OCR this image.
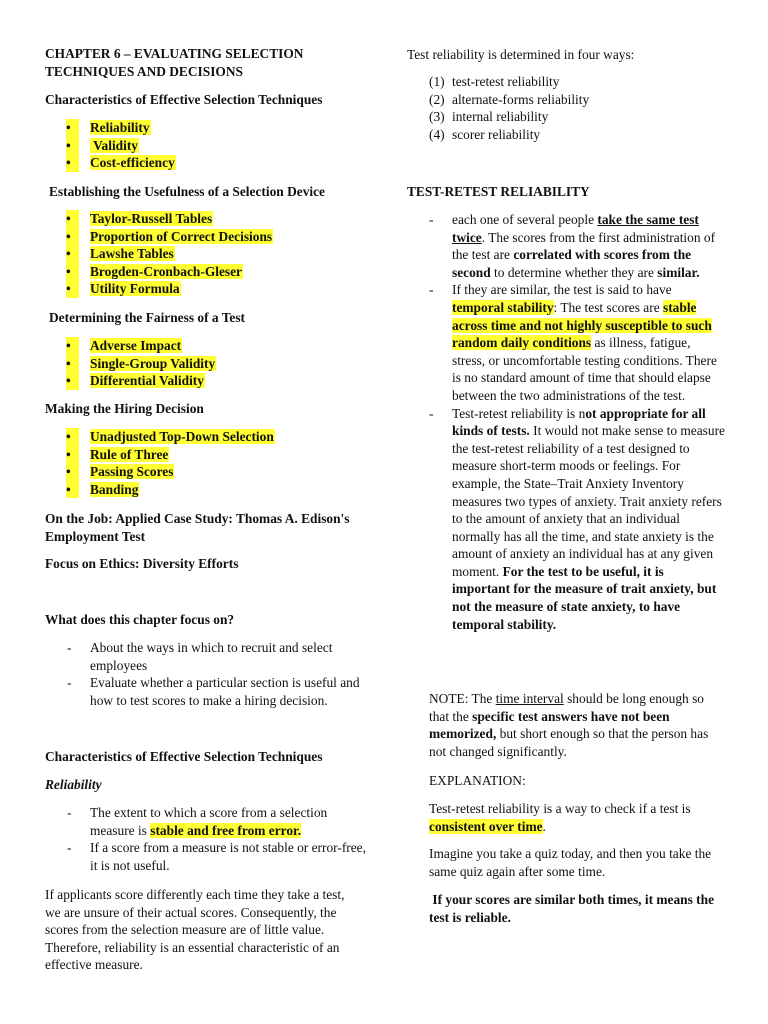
CHAPTER 6 – EVALUATING SELECTION
TECHNIQUES AND DECISIONS

Characteristics of Effective Selection Techniques

•	Reliability
•	Validity
•	Cost-efficiency

Establishing the Usefulness of a Selection Device

•	Taylor-Russell Tables
•	Proportion of Correct Decisions
•	Lawshe Tables
•	Brogden-Cronbach-Gleser
•	Utility Formula

Determining the Fairness of a Test

•	Adverse Impact
•	Single-Group Validity
•	Differential Validity

Making the Hiring Decision

•	Unadjusted Top-Down Selection
•	Rule of Three
•	Passing Scores
•	Banding

On the Job: Applied Case Study: Thomas A. Edison's Employment Test

Focus on Ethics: Diversity Efforts

What does this chapter focus on?

- About the ways in which to recruit and select employees
- Evaluate whether a particular section is useful and how to test scores to make a hiring decision.

Characteristics of Effective Selection Techniques

Reliability

- The extent to which a score from a selection measure is stable and free from error.
- If a score from a measure is not stable or error-free, it is not useful.

If applicants score differently each time they take a test, we are unsure of their actual scores. Consequently, the scores from the selection measure are of little value. Therefore, reliability is an essential characteristic of an effective measure.

Test reliability is determined in four ways:

(1) test-retest reliability
(2) alternate-forms reliability
(3) internal reliability
(4) scorer reliability

TEST-RETEST RELIABILITY

- each one of several people take the same test twice. The scores from the first administration of the test are correlated with scores from the second to determine whether they are similar.
- If they are similar, the test is said to have temporal stability: The test scores are stable across time and not highly susceptible to such random daily conditions as illness, fatigue, stress, or uncomfortable testing conditions. There is no standard amount of time that should elapse between the two administrations of the test.
- Test-retest reliability is not appropriate for all kinds of tests. It would not make sense to measure the test-retest reliability of a test designed to measure short-term moods or feelings. For example, the State–Trait Anxiety Inventory measures two types of anxiety. Trait anxiety refers to the amount of anxiety that an individual normally has all the time, and state anxiety is the amount of anxiety an individual has at any given moment. For the test to be useful, it is important for the measure of trait anxiety, but not the measure of state anxiety, to have temporal stability.

NOTE: The time interval should be long enough so that the specific test answers have not been memorized, but short enough so that the person has not changed significantly.

EXPLANATION:

Test-retest reliability is a way to check if a test is consistent over time.

Imagine you take a quiz today, and then you take the same quiz again after some time.

If your scores are similar both times, it means the test is reliable.
